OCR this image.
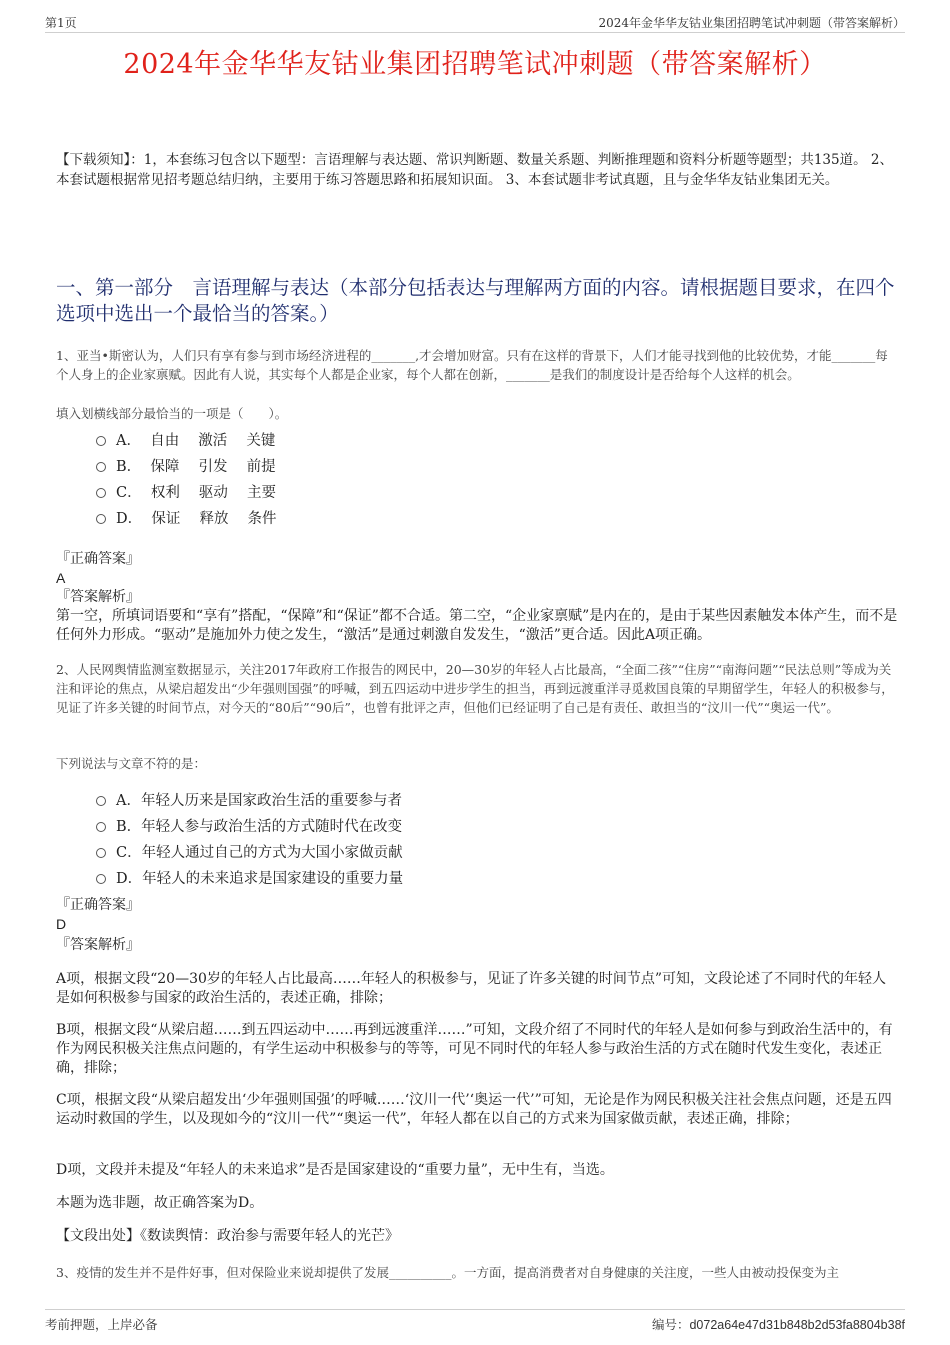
第1页	2024年金华华友钴业集团招聘笔试冲刺题（带答案解析）
2024年金华华友钴业集团招聘笔试冲刺题（带答案解析）
【下载须知】：1，本套练习包含以下题型：言语理解与表达题、常识判断题、数量关系题、判断推理题和资料分析题等题型；共135道。 2、本套试题根据常见招考题总结归纳，主要用于练习答题思路和拓展知识面。 3、本套试题非考试真题，且与金华华友钴业集团无关。
一、第一部分　言语理解与表达（本部分包括表达与理解两方面的内容。请根据题目要求，在四个选项中选出一个最恰当的答案。）
1、亚当•斯密认为，人们只有享有参与到市场经济进程的_______,才会增加财富。只有在这样的背景下，人们才能寻找到他的比较优势，才能_______每个人身上的企业家禀赋。因此有人说，其实每个人都是企业家，每个人都在创新，_______是我们的制度设计是否给每个人这样的机会。
填入划横线部分最恰当的一项是（　　）。
A．  自由　 激活　 关键
B．  保障　 引发　 前提
C．  权利　 驱动　 主要
D．  保证　 释放　 条件
『正确答案』
A
『答案解析』
第一空，所填词语要和“享有”搭配，“保障”和“保证”都不合适。第二空，“企业家禀赋”是内在的，是由于某些因素触发本体产生，而不是任何外力形成。“驱动”是施加外力使之发生，“激活”是通过刺激自发发生，“激活”更合适。因此A项正确。
2、人民网舆情监测室数据显示，关注2017年政府工作报告的网民中，20—30岁的年轻人占比最高，“全面二孩”“住房”“南海问题”“民法总则”等成为关注和评论的焦点，从梁启超发出“少年强则国强”的呼喊，到五四运动中进步学生的担当，再到远渡重洋寻觅救国良策的早期留学生，年轻人的积极参与，见证了许多关键的时间节点，对今天的“80后”“90后”，也曾有批评之声，但他们已经证明了自己是有责任、敢担当的“汶川一代”“奥运一代”。
下列说法与文章不符的是：
A．年轻人历来是国家政治生活的重要参与者
B．年轻人参与政治生活的方式随时代在改变
C．年轻人通过自己的方式为大国小家做贡献
D．年轻人的未来追求是国家建设的重要力量
『正确答案』
D
『答案解析』
A项，根据文段“20—30岁的年轻人占比最高……年轻人的积极参与，见证了许多关键的时间节点”可知，文段论述了不同时代的年轻人是如何积极参与国家的政治生活的，表述正确，排除；
B项，根据文段“从梁启超……到五四运动中……再到远渡重洋……”可知，文段介绍了不同时代的年轻人是如何参与到政治生活中的，有作为网民积极关注焦点问题的，有学生运动中积极参与的等等，可见不同时代的年轻人参与政治生活的方式在随时代发生变化，表述正确，排除；
C项，根据文段“从梁启超发出‘少年强则国强’的呼喊……‘汶川一代’‘奥运一代’”可知，无论是作为网民积极关注社会焦点问题，还是五四运动时救国的学生，以及现如今的“汶川一代”“奥运一代”，年轻人都在以自己的方式来为国家做贡献，表述正确，排除；
D项，文段并未提及“年轻人的未来追求”是否是国家建设的“重要力量”，无中生有，当选。
本题为选非题，故正确答案为D。
【文段出处】《数读舆情：政治参与需要年轻人的光芒》
3、疫情的发生并不是件好事，但对保险业来说却提供了发展__________。一方面，提高消费者对自身健康的关注度，一些人由被动投保变为主
考前押题，上岸必备	编号：d072a64e47d31b848b2d53fa8804b38f
